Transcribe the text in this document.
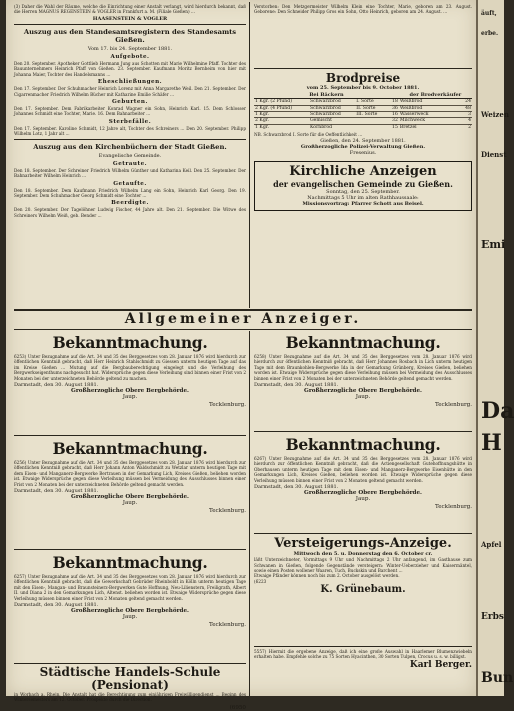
(3) Daher die Wahl der Räume, welche die Einrichtung einer Anstalt verlangt, wird hierdurch bekannt, daß die Herren MAGNUS REGENSTEIN & VOGLER in Frankfurt a. M. (Filiale Gießen) ...
HAASENSTEIN & VOGLER
Auszug aus den Standesamtsregistern des Standesamts Gießen.
Vom 17. bis 24. September 1881.
Aufgebote.
Den 20. September. Apotheker Gottlieb Hermann Jung aus Schotten mit Marie Wilhelmine Pfaff. Tochter des Bauunternehmers Heinrich Pfaff von Gießen. 23. September. Kaufmann Moritz Bernheim von hier mit Johanna Maier, Tochter des Handelsmanns ...
Eheschließungen.
Den 17. September. Der Schuhmacher Heinrich Lorenz mit Anna Margarethe Weil. Den 21. September. Der Cigarrenmacher Friedrich Wilhelm Bücher mit Katharine Emilie Schäfer ...
Geburten.
Den 17. September. Dem Fabrikarbeiter Konrad Wagner ein Sohn, Heinrich Karl. 15. Dem Schlosser Johannes Schmidt eine Tochter, Marie. 16. Dem Bahnarbeiter ...
Sterbefälle.
Den 17. September. Karoline Schmidt, 12 Jahre alt, Tochter des Schreiners ... Den 20. September. Philipp Wilhelm Lotz, 1 Jahr alt ...
Auszug aus den Kirchenbüchern der Stadt Gießen.
Evangelische Gemeinde.
Getraute.
Den 18. September. Der Schreiner Friedrich Wilhelm Günther und Katharina Keil. Den 25. September. Der Bahnarbeiter Wilhelm Heinrich ...
Getaufte.
Den 18. September. Dem Kaufmann Friedrich Wilhelm Lang ein Sohn, Heinrich Karl Georg. Den 19. September. Dem Schuhmacher Georg Schmidt eine Tochter ...
Beerdigte.
Den 20. September. Der Tagelöhner Ludwig Fischer, 44 Jahre alt. Den 21. September. Die Witwe des Schreiners Wilhelm Weiß, geb. Bender ...
Verstorben: Den Metzgermeister Wilhelm Klein eine Tochter, Marie, geboren am 23. August. Geborene: Den Schneider Philipp Gros ein Sohn, Otto Heinrich, geboren am 24. August. ...
Brodpreise
vom 25. September bis 9. October 1881.
Bei Bäckern				der Brodverkäufer	
1 Kgr. (2 Pfund)	Schwarzbrod	I. Sorte	18	Weißbrod	24
2 Kgr. (4 Pfund)	Schwarzbrod	II. Sorte	36	Weißbrod	48
1 Kgr.	Schwarzbrod	III. Sorte	16	Wasserweck	3
2 Kgr.	Gemischt		32	Milchweck	4
1 Kgr.	Kornbrod		15	Bretzel	2
NB. Schwarzbrod I. Sorte für die Oeffentlichkeit ...
Gießen, den 24. September 1881.
Großherzogliche Polizei-Verwaltung Gießen.
Fresenius.
Kirchliche Anzeigen
der evangelischen Gemeinde zu Gießen.
Sonntag, den 25. September.
Nachmittags 5 Uhr im alten Rathhaussaale:
Missionsvortrag: Pfarrer Schott aus Beisel.
Allgemeiner Anzeiger.
Bekanntmachung.
6253) Unter Bezugnahme auf die Art. 34 und 35 des Berggesetzes vom 28. Januar 1876 wird hierdurch zur öffentlichen Kenntniß gebracht, daß Herr Heinrich Stahlschmidt zu Giessen unterm heutigen Tage auf das im Kreise Gießen ... Mutung auf die Bergbauberechtigung eingelegt und die Verleihung des Bergwerkseigenthums nachgesucht hat. Widersprüche gegen diese Verleihung sind binnen einer Frist von 2 Monaten bei der unterzeichneten Behörde geltend zu machen.
Darmstadt, den 30. August 1881.
Großherzogliche Obere Bergbehörde.
Jaup.
Tecklenburg.
Bekanntmachung.
6256) Unter Bezugnahme auf die Art. 34 und 35 des Berggesetzes vom 28. Januar 1876 wird hierdurch zur öffentlichen Kenntniß gebracht, daß Herr Johann Anton Waldschmidt zu Wetzlar unterm heutigen Tage mit dem Eisen- und Manganerz-Bergwerke Bertrauen in der Gemarkung Lich, Kreises Gießen, beliehen worden ist. Etwaige Widersprüche gegen diese Verleihung müssen bei Vermeidung des Ausschlusses binnen einer Frist von 2 Monaten bei der unterzeichneten Behörde geltend gemacht werden.
Darmstadt, den 30. August 1881.
Großherzogliche Obere Bergbehörde.
Jaup.
Tecklenburg.
Bekanntmachung.
6257) Unter Bezugnahme auf die Art. 34 und 35 des Berggesetzes vom 28. Januar 1876 wird hierdurch zur öffentlichen Kenntniß gebracht, daß die Gewerkschaft Gebrüder Rheinboldt in Kölln unterm heutigen Tage mit den Eisen-, Mangan- und Braunsteinerz-Bergwerken Gute Hoffnung, Neu-Lilienstern, Freiligrath, Albert II. und Diana 2 in den Gemarkungen Lich, Altenst. beliehen worden ist. Etwaige Widersprüche gegen diese Verleihung müssen binnen einer Frist von 2 Monaten geltend gemacht werden.
Darmstadt, den 30. August 1881.
Großherzogliche Obere Bergbehörde.
Jaup.
Tecklenburg.
Städtische Handels-Schule (Pensionat)
in Worbach a. Rhein. Die Anstalt hat die Berechtigung zum einjährigen Freiwilligendienst ... Beginn des Wintersemesters am 12. October. Prospekte durch die Direction.
(6950
Bekanntmachung.
6258) Unter Bezugnahme auf die Art. 34 und 35 des Berggesetzes vom 28. Januar 1876 wird hierdurch zur öffentlichen Kenntniß gebracht, daß Herr Johannes Rosbach in Lich unterm heutigen Tage mit dem Braunkohlen-Bergwerke Ida in der Gemarkung Grünberg, Kreises Gießen, beliehen worden ist. Etwaige Widersprüche gegen diese Verleihung müssen bei Vermeidung des Ausschlusses binnen einer Frist von 2 Monaten bei der unterzeichneten Behörde geltend gemacht werden.
Darmstadt, den 30. August 1881.
Großherzogliche Obere Bergbehörde.
Jaup.
Tecklenburg.
Bekanntmachung.
6267) Unter Bezugnahme auf die Art. 34 und 35 des Berggesetzes vom 28. Januar 1876 wird hierdurch zur öffentlichen Kenntniß gebracht, daß die Actiengesellschaft Gutehoffnungshütte in Oberhausen unterm heutigen Tage mit dem Eisen- und Manganerz-Bergwerke Eisenhütte in den Gemarkungen Lich, Kreises Gießen, beliehen worden ist. Etwaige Widersprüche gegen diese Verleihung müssen binnen einer Frist von 2 Monaten geltend gemacht werden.
Darmstadt, den 30. August 1881.
Großherzogliche Obere Bergbehörde.
Jaup.
Tecklenburg.
Versteigerungs-Anzeige.
Mittwoch den 5. u. Donnerstag den 6. October cr.
läßt Unterzeichneter, Vormittags 9 Uhr und Nachmittags 2 Uhr anfangend, im Gasthause zum Schwanen in Gießen, folgende Gegenstände versteigern: Winter-Ueberzieher und Kaisermäntel, sowie einen Posten wollener Waaren, Tuch, Buckskin und Barchent ...
Etwaige Pfänder können noch bis zum 2. October ausgelöst werden.
(6223
K. Grünebaum.
5557) Hiermit die ergebene Anzeige, daß ich eine große Auswahl in Haarlemer Blumenzwiebeln erhalten habe. Empfehle solche zu 75 Sorten Hyacinthen, 30 Sorten Tulpen, Crocus u. s. w. billigst.
Karl Berger.
äuft,
erbe.
Weizen
Dienst
Emi
Da
H
Apfel
Erbs
Bun
